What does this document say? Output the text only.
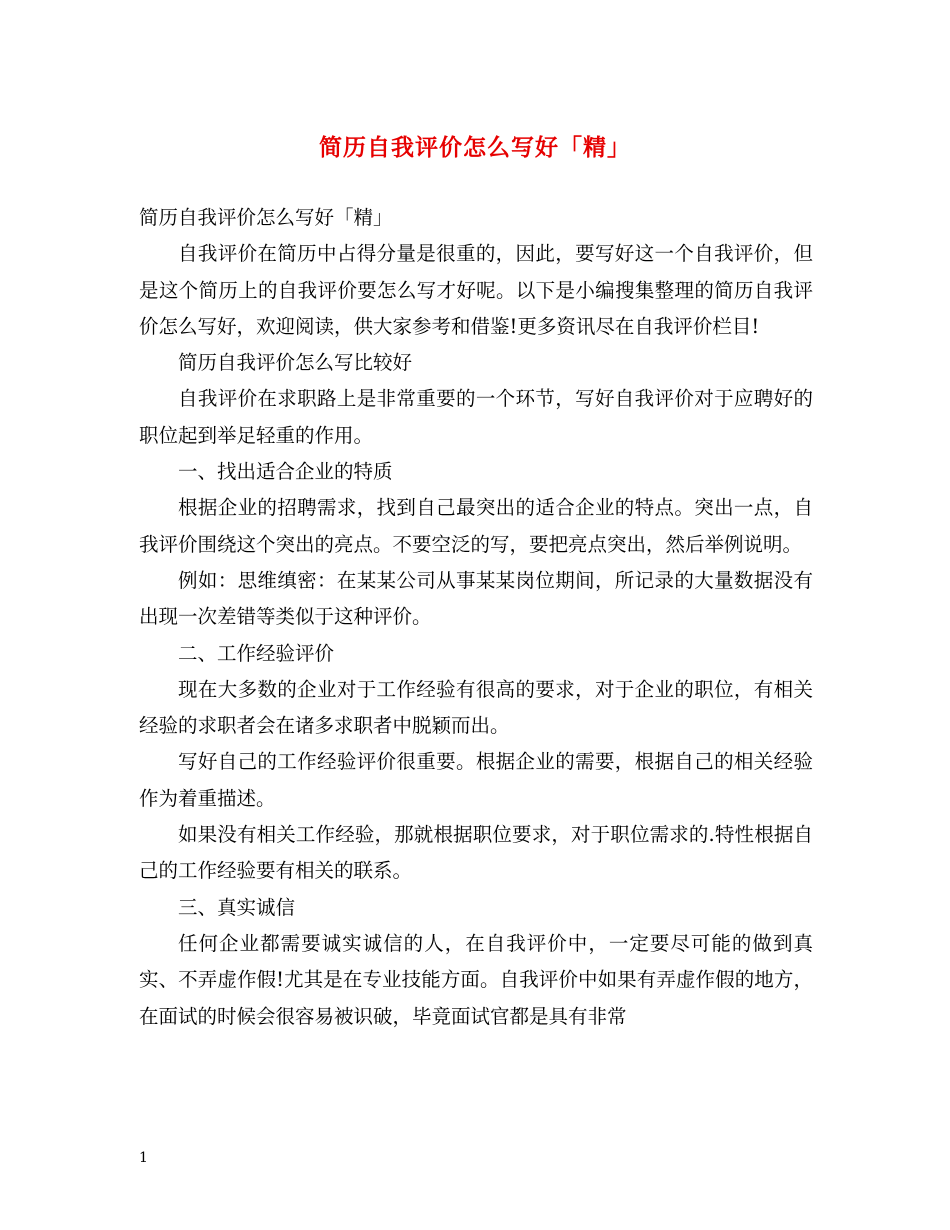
简历自我评价怎么写好「精」

简历自我评价怎么写好「精」

自我评价在简历中占得分量是很重的，因此，要写好这一个自我评价，但是这个简历上的自我评价要怎么写才好呢。以下是小编搜集整理的简历自我评价怎么写好，欢迎阅读，供大家参考和借鉴!更多资讯尽在自我评价栏目!

简历自我评价怎么写比较好

自我评价在求职路上是非常重要的一个环节，写好自我评价对于应聘好的职位起到举足轻重的作用。

一、找出适合企业的特质

根据企业的招聘需求，找到自己最突出的适合企业的特点。突出一点，自我评价围绕这个突出的亮点。不要空泛的写，要把亮点突出，然后举例说明。

例如：思维缜密：在某某公司从事某某岗位期间，所记录的大量数据没有出现一次差错等类似于这种评价。

二、工作经验评价

现在大多数的企业对于工作经验有很高的要求，对于企业的职位，有相关经验的求职者会在诸多求职者中脱颖而出。

写好自己的工作经验评价很重要。根据企业的需要，根据自己的相关经验作为着重描述。

如果没有相关工作经验，那就根据职位要求，对于职位需求的.特性根据自己的工作经验要有相关的联系。

三、真实诚信

任何企业都需要诚实诚信的人，在自我评价中，一定要尽可能的做到真实、不弄虚作假!尤其是在专业技能方面。自我评价中如果有弄虚作假的地方，在面试的时候会很容易被识破，毕竟面试官都是具有非常

1
